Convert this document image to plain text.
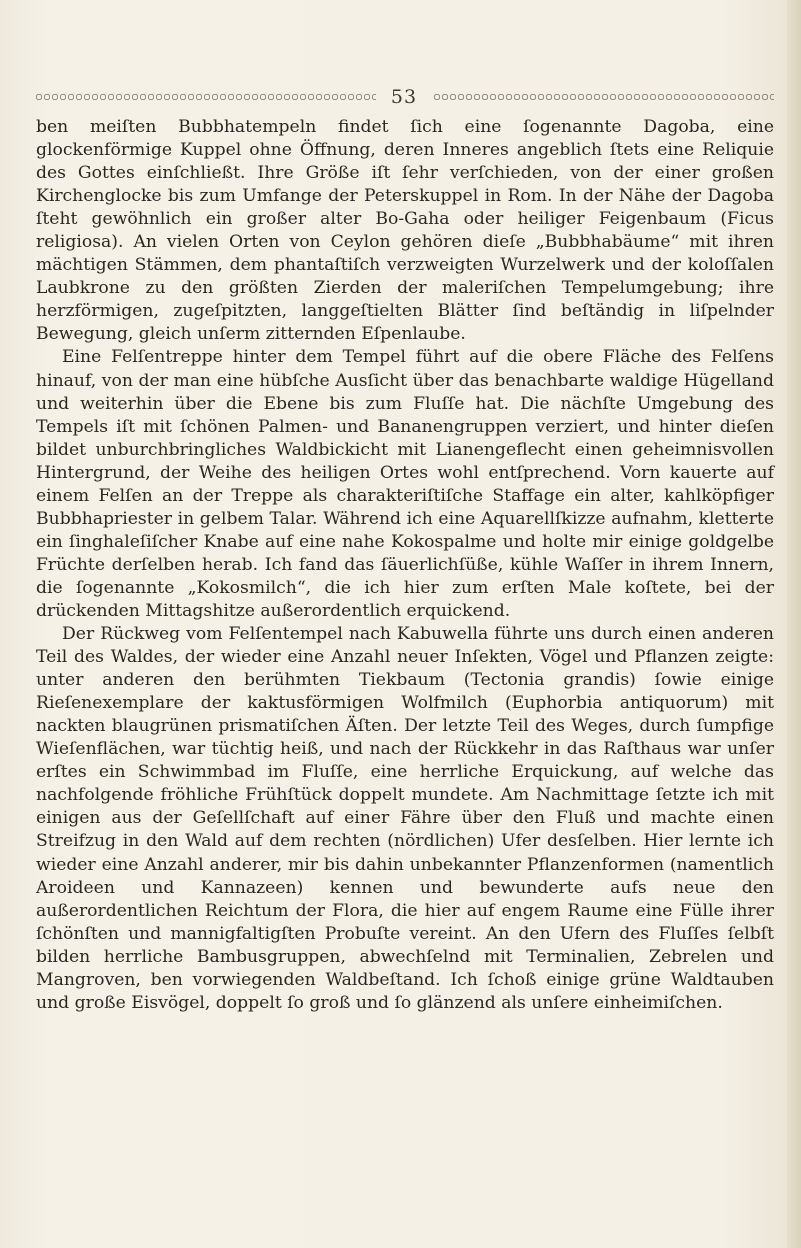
53

ben meiſten Bubbhatempeln findet ſich eine ſogenannte Dagoba, eine glockenförmige Kuppel ohne Öffnung, deren Inneres angeblich ſtets eine Reliquie des Gottes einſchließt. Ihre Größe iſt ſehr verſchieden, von der einer großen Kirchenglocke bis zum Umfange der Peterskuppel in Rom. In der Nähe der Dagoba ſteht gewöhnlich ein großer alter Bo-Gaha oder heiliger Feigenbaum (Ficus religiosa). An vielen Orten von Ceylon gehören dieſe „Bubbhabäume“ mit ihren mächtigen Stämmen, dem phantaſtiſch verzweigten Wurzelwerk und der koloſſalen Laubkrone zu den größten Zierden der maleriſchen Tempelumgebung; ihre herzförmigen, zugeſpitzten, langgeſtielten Blätter ſind beſtändig in liſpelnder Bewegung, gleich unſerm zitternden Eſpenlaube.

Eine Felſentreppe hinter dem Tempel führt auf die obere Fläche des Felſens hinauf, von der man eine hübſche Ausſicht über das benachbarte waldige Hügelland und weiterhin über die Ebene bis zum Fluſſe hat. Die nächſte Umgebung des Tempels iſt mit ſchönen Palmen- und Bananengruppen verziert, und hinter dieſen bildet unburchbringliches Waldbickicht mit Lianengeflecht einen geheimnisvollen Hintergrund, der Weihe des heiligen Ortes wohl entſprechend. Vorn kauerte auf einem Felſen an der Treppe als charakteriſtiſche Staffage ein alter, kahlköpfiger Bubbhapriester in gelbem Talar. Während ich eine Aquarellſkizze aufnahm, kletterte ein ſinghaleſiſcher Knabe auf eine nahe Kokospalme und holte mir einige goldgelbe Früchte derſelben herab. Ich fand das ſäuerlichſüße, kühle Waſſer in ihrem Innern, die ſogenannte „Kokosmilch“, die ich hier zum erſten Male koſtete, bei der drückenden Mittagshitze außerordentlich erquickend.

Der Rückweg vom Felſentempel nach Kabuwella führte uns durch einen anderen Teil des Waldes, der wieder eine Anzahl neuer Inſekten, Vögel und Pflanzen zeigte: unter anderen den berühmten Tiekbaum (Tectonia grandis) ſowie einige Rieſenexemplare der kaktusförmigen Wolfmilch (Euphorbia antiquorum) mit nackten blaugrünen prismatiſchen Äſten. Der letzte Teil des Weges, durch ſumpfige Wieſenflächen, war tüchtig heiß, und nach der Rückkehr in das Raſthaus war unſer erſtes ein Schwimmbad im Fluſſe, eine herrliche Erquickung, auf welche das nachfolgende fröhliche Frühſtück doppelt mundete. Am Nachmittage ſetzte ich mit einigen aus der Geſellſchaft auf einer Fähre über den Fluß und machte einen Streifzug in den Wald auf dem rechten (nördlichen) Ufer desſelben. Hier lernte ich wieder eine Anzahl anderer, mir bis dahin unbekannter Pflanzenformen (namentlich Aroideen und Kannazeen) kennen und bewunderte aufs neue den außerordentlichen Reichtum der Flora, die hier auf engem Raume eine Fülle ihrer ſchönſten und mannigfaltigſten Probuſte vereint. An den Ufern des Fluſſes ſelbſt bilden herrliche Bambusgruppen, abwechſelnd mit Terminalien, Zebrelen und Mangroven, ben vorwiegenden Waldbeſtand. Ich ſchoß einige grüne Waldtauben und große Eisvögel, doppelt ſo groß und ſo glänzend als unſere einheimiſchen.
